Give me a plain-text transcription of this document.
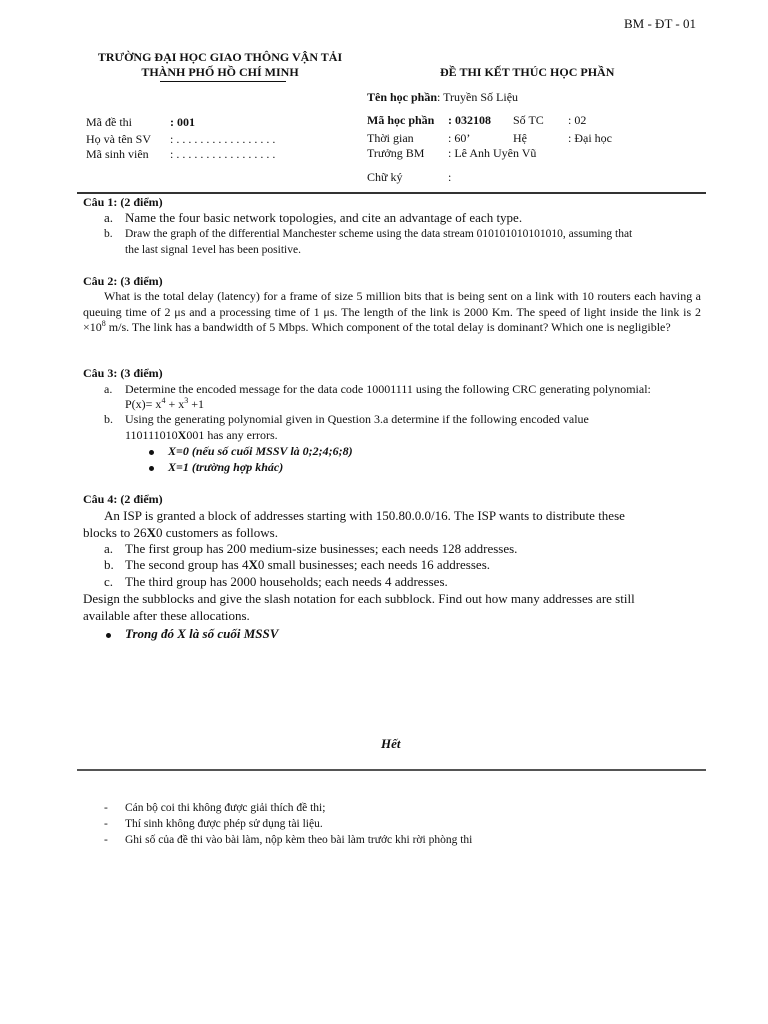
BM - ĐT - 01
TRƯỜNG ĐẠI HỌC GIAO THÔNG VẬN TẢI
THÀNH PHỐ HỒ CHÍ MINH	ĐỀ THI KẾT THÚC HỌC PHẦN
Tên học phần: Truyền Số Liệu
Mã đề thi	: 001
Họ và tên SV : . . . . . . . . . . . . . . . . .
Mã sinh viên : . . . . . . . . . . . . . . . . .
Mã học phần : 032108 Số TC : 02
Thời gian	: 60’	Hệ	: Đại học
Trưởng BM : Lê Anh Uyên Vũ
Chữ ký	:
Câu 1: (2 điểm)
a. Name the four basic network topologies, and cite an advantage of each type.
b. Draw the graph of the differential Manchester scheme using the data stream 010101010101010, assuming that
the last signal 1evel has been positive.
Câu 2: (3 điểm)
What is the total delay (latency) for a frame of size 5 million bits that is being sent on a link with 10 routers each having a queuing time of 2 μs and a processing time of 1 μs. The length of the link is 2000 Km. The speed of light inside the link is $2 \times 10^8$ m/s. The link has a bandwidth of 5 Mbps. Which component of the total delay is dominant? Which one is negligible?
Câu 3: (3 điểm)
a. Determine the encoded message for the data code 10001111 using the following CRC generating polynomial:
$P(x)= x^4 + x^3 +1$
b. Using the generating polynomial given in Question 3.a determine if the following encoded value
110111010X001 has any errors.
X=0 (nếu số cuối MSSV là 0;2;4;6;8)
X=1 (trường hợp khác)
Câu 4: (2 điểm)
An ISP is granted a block of addresses starting with 150.80.0.0/16. The ISP wants to distribute these
blocks to 26X0 customers as follows.
a. The first group has 200 medium-size businesses; each needs 128 addresses.
b. The second group has 4X0 small businesses; each needs 16 addresses.
c. The third group has 2000 households; each needs 4 addresses.
Design the subblocks and give the slash notation for each subblock. Find out how many addresses are still
available after these allocations.
Trong đó X là số cuối MSSV
Hết
- Cán bộ coi thi không được giải thích đề thi;
- Thí sinh không được phép sử dụng tài liệu.
- Ghi số của đề thi vào bài làm, nộp kèm theo bài làm trước khi rời phòng thi
